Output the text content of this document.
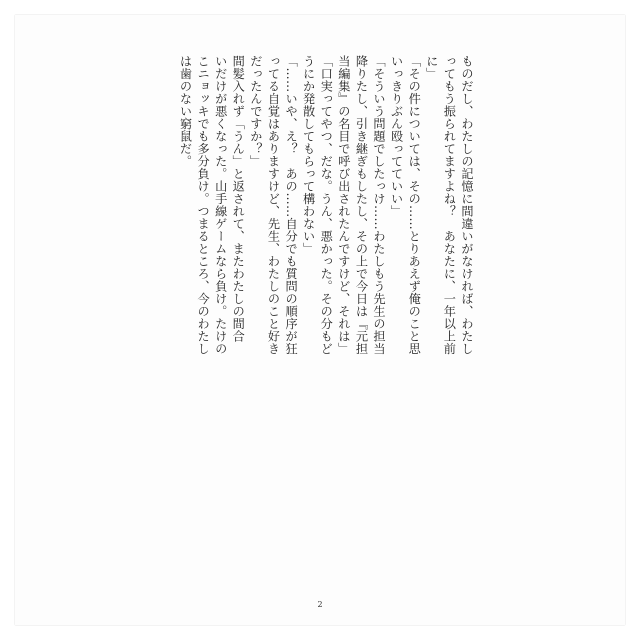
ものだし、わたしの記憶に間違いがなければ、わたし
ってもう振られてますよね？　あなたに、一年以上前
に」
「その件については、その……とりあえず俺のこと思
いっきりぶん殴ってていい」
「そういう問題でしたっけ……わたしもう先生の担当
降りたし、引き継ぎもしたし、その上で今日は『元担
当編集』の名目で呼び出されたんですけど、それは」
「口実ってやつ、だな。うん、悪かった。その分もど
うにか発散してもらって構わない」
「……いや、え？　あの……自分でも質問の順序が狂
ってる自覚はありますけど、先生、わたしのこと好き
だったんですか？」
間髪入れず「うん」と返されて、またわたしの間合
いだけが悪くなった。山手線ゲームなら負け。たけの
こニョッキでも多分負け。つまるところ、今のわたし
は歯のない窮鼠だ。
2
